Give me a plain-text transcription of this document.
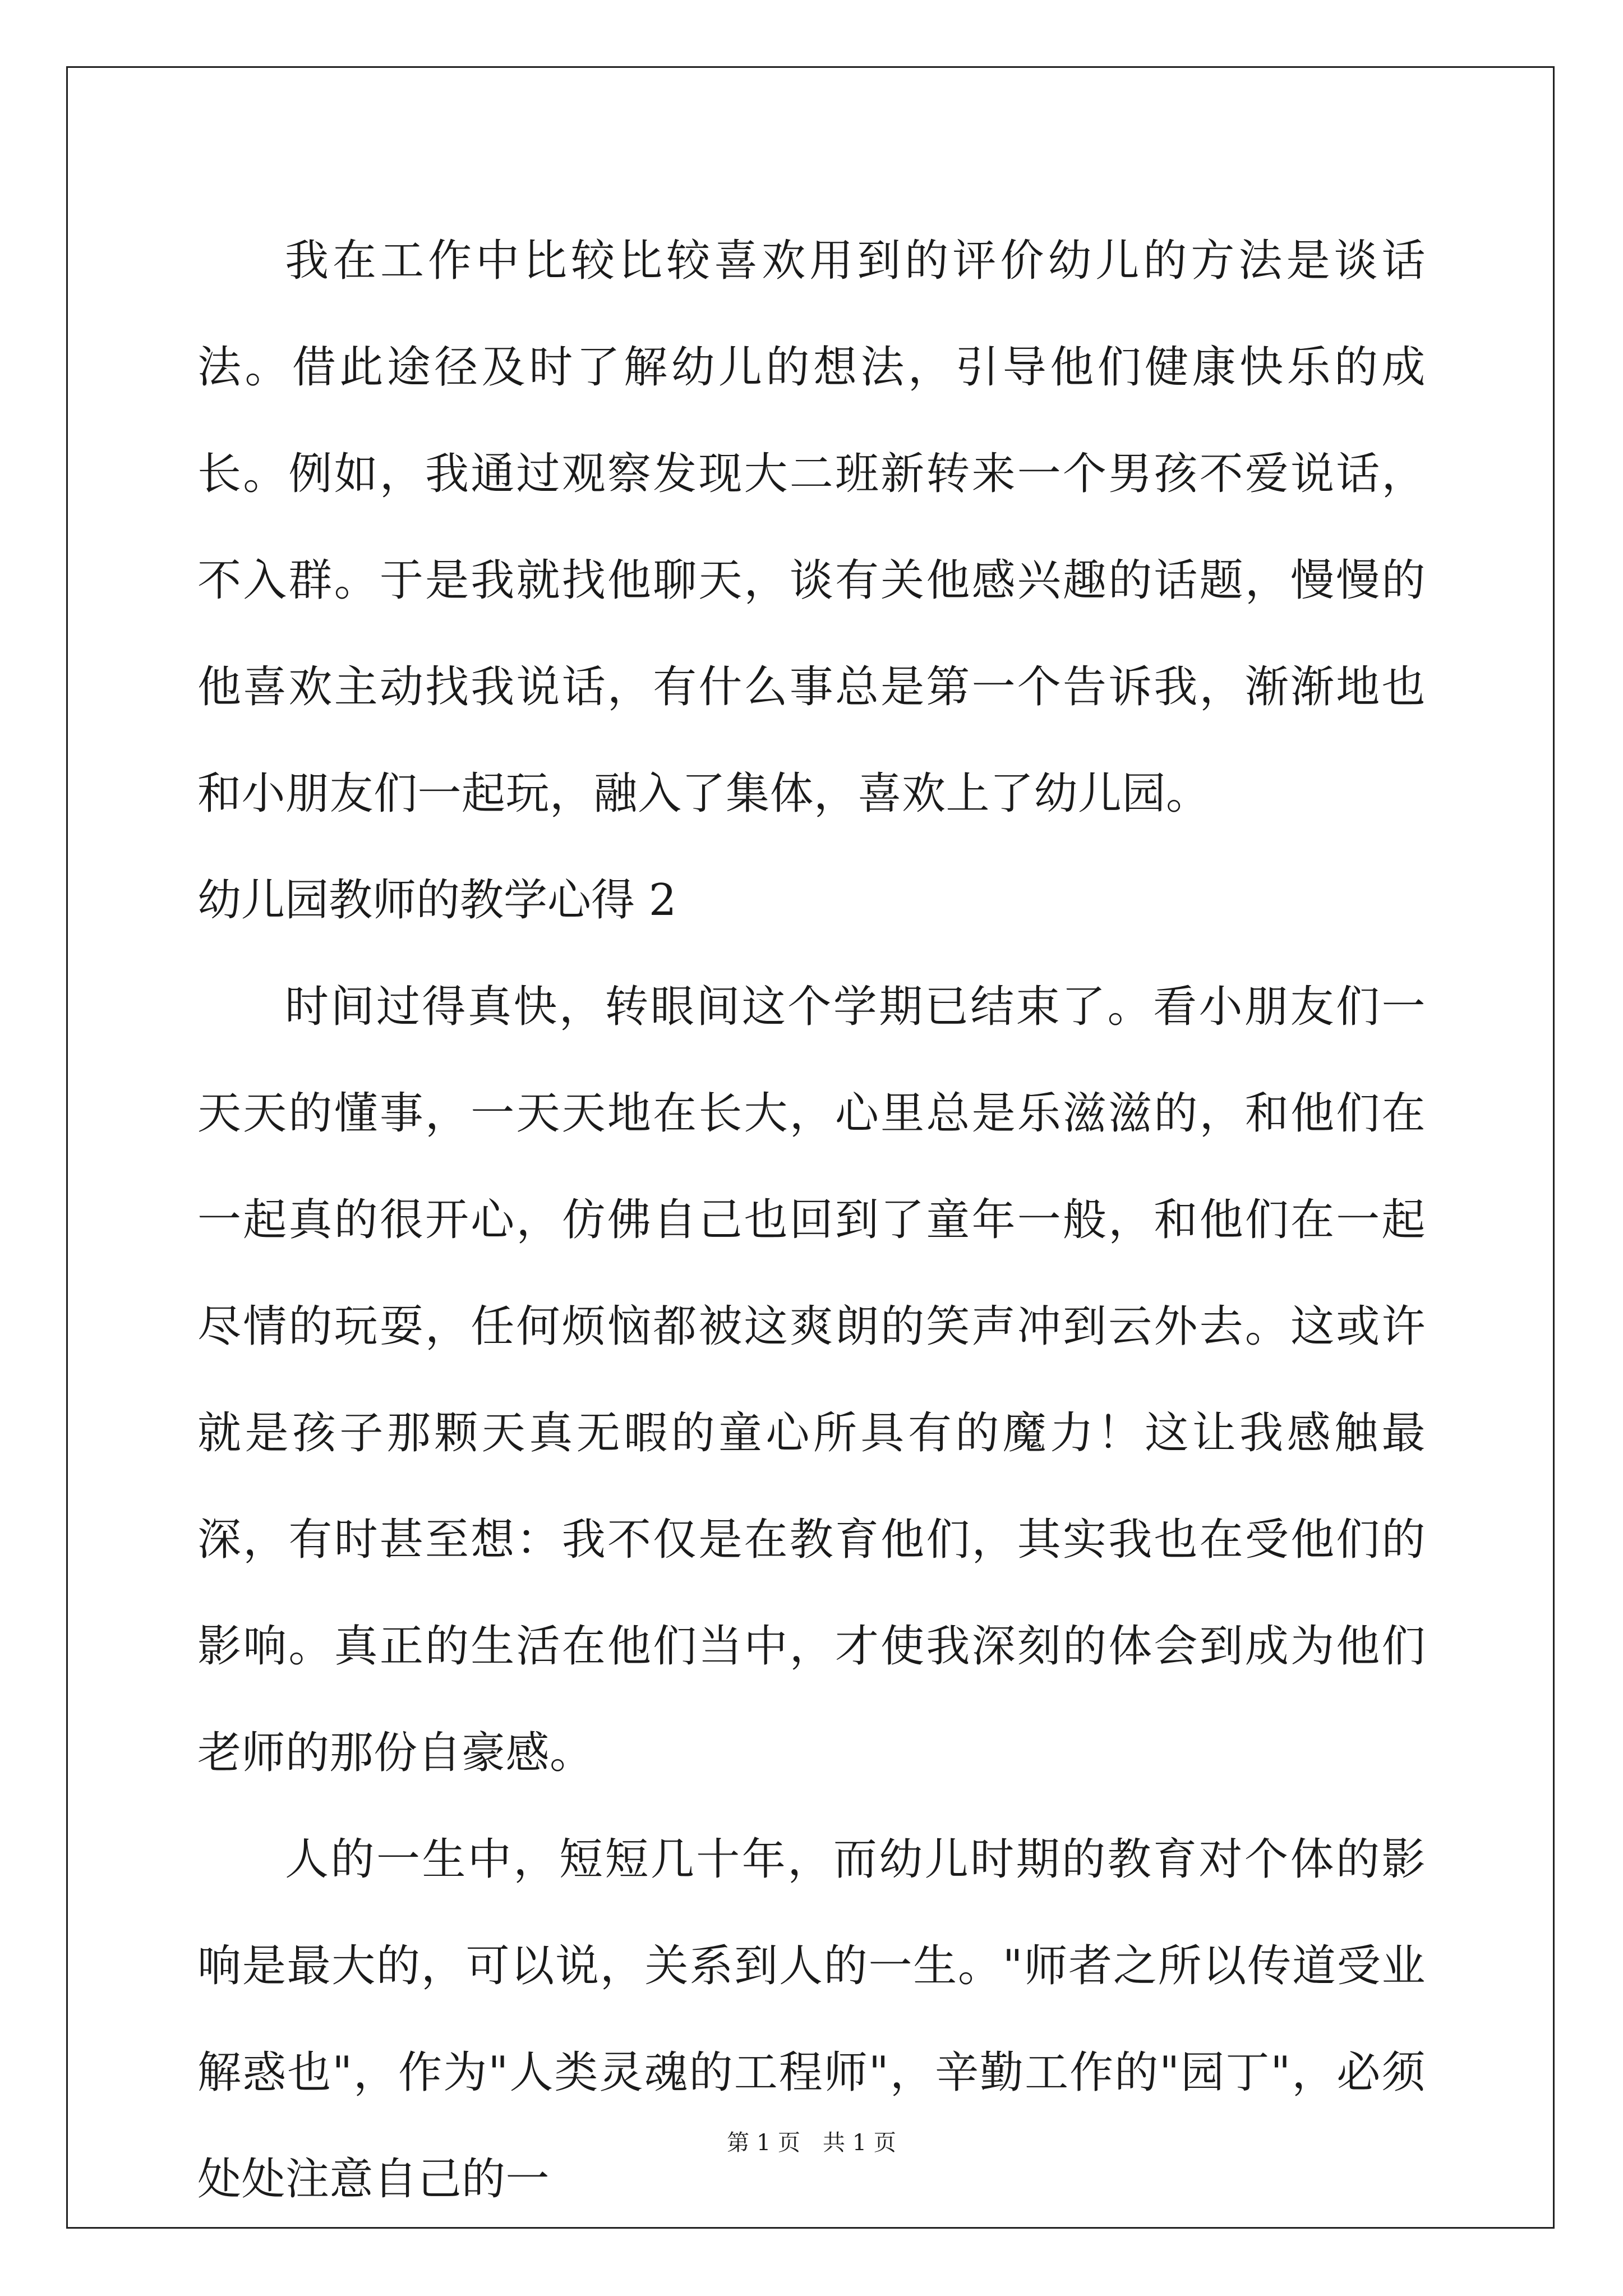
我在工作中比较比较喜欢用到的评价幼儿的方法是谈话法。借此途径及时了解幼儿的想法，引导他们健康快乐的成长。例如，我通过观察发现大二班新转来一个男孩不爱说话，不入群。于是我就找他聊天，谈有关他感兴趣的话题，慢慢的他喜欢主动找我说话，有什么事总是第一个告诉我，渐渐地也和小朋友们一起玩，融入了集体，喜欢上了幼儿园。

幼儿园教师的教学心得 2

时间过得真快，转眼间这个学期已结束了。看小朋友们一天天的懂事，一天天地在长大，心里总是乐滋滋的，和他们在一起真的很开心，仿佛自己也回到了童年一般，和他们在一起尽情的玩耍，任何烦恼都被这爽朗的笑声冲到云外去。这或许就是孩子那颗天真无暇的童心所具有的魔力！这让我感触最深，有时甚至想：我不仅是在教育他们，其实我也在受他们的影响。真正的生活在他们当中，才使我深刻的体会到成为他们老师的那份自豪感。

人的一生中，短短几十年，而幼儿时期的教育对个体的影响是最大的，可以说，关系到人的一生。"师者之所以传道受业解惑也"，作为"人类灵魂的工程师"，辛勤工作的"园丁"，必须处处注意自己的一

第 1 页 共 1 页
